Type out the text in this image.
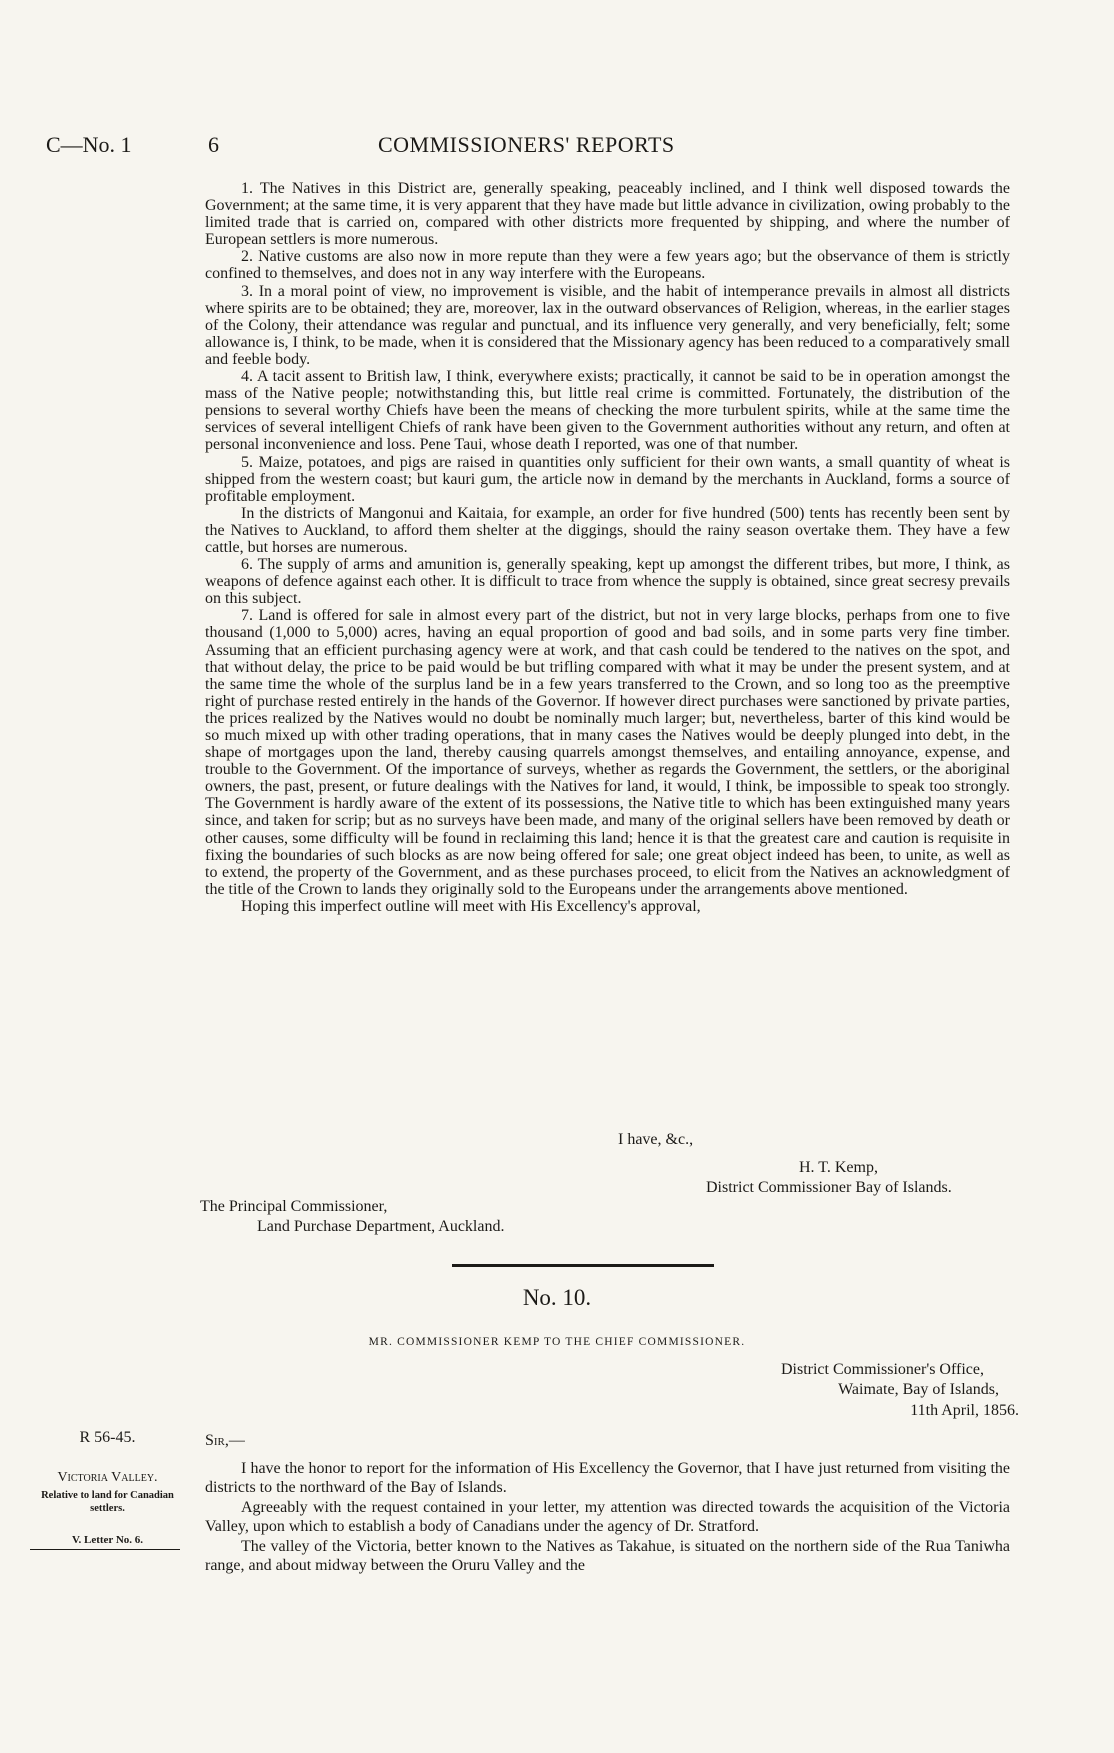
C—No. 1	6	COMMISSIONERS' REPORTS

1. The Natives in this District are, generally speaking, peaceably inclined, and I think well disposed towards the Government; at the same time, it is very apparent that they have made but little advance in civilization, owing probably to the limited trade that is carried on, compared with other districts more frequented by shipping, and where the number of European settlers is more numerous.

2. Native customs are also now in more repute than they were a few years ago; but the observance of them is strictly confined to themselves, and does not in any way interfere with the Europeans.

3. In a moral point of view, no improvement is visible, and the habit of intemperance prevails in almost all districts where spirits are to be obtained; they are, moreover, lax in the outward observances of Religion, whereas, in the earlier stages of the Colony, their attendance was regular and punctual, and its influence very generally, and very beneficially, felt; some allowance is, I think, to be made, when it is considered that the Missionary agency has been reduced to a comparatively small and feeble body.

4. A tacit assent to British law, I think, everywhere exists; practically, it cannot be said to be in operation amongst the mass of the Native people; notwithstanding this, but little real crime is committed. Fortunately, the distribution of the pensions to several worthy Chiefs have been the means of checking the more turbulent spirits, while at the same time the services of several intelligent Chiefs of rank have been given to the Government authorities without any return, and often at personal inconvenience and loss. Pene Taui, whose death I reported, was one of that number.

5. Maize, potatoes, and pigs are raised in quantities only sufficient for their own wants, a small quantity of wheat is shipped from the western coast; but kauri gum, the article now in demand by the merchants in Auckland, forms a source of profitable employment.

In the districts of Mangonui and Kaitaia, for example, an order for five hundred (500) tents has recently been sent by the Natives to Auckland, to afford them shelter at the diggings, should the rainy season overtake them. They have a few cattle, but horses are numerous.

6. The supply of arms and amunition is, generally speaking, kept up amongst the different tribes, but more, I think, as weapons of defence against each other. It is difficult to trace from whence the supply is obtained, since great secresy prevails on this subject.

7. Land is offered for sale in almost every part of the district, but not in very large blocks, perhaps from one to five thousand (1,000 to 5,000) acres, having an equal proportion of good and bad soils, and in some parts very fine timber. Assuming that an efficient purchasing agency were at work, and that cash could be tendered to the natives on the spot, and that without delay, the price to be paid would be but trifling compared with what it may be under the present system, and at the same time the whole of the surplus land be in a few years transferred to the Crown, and so long too as the preemptive right of purchase rested entirely in the hands of the Governor. If however direct purchases were sanctioned by private parties, the prices realized by the Natives would no doubt be nominally much larger; but, nevertheless, barter of this kind would be so much mixed up with other trading operations, that in many cases the Natives would be deeply plunged into debt, in the shape of mortgages upon the land, thereby causing quarrels amongst themselves, and entailing annoyance, expense, and trouble to the Government. Of the importance of surveys, whether as regards the Government, the settlers, or the aboriginal owners, the past, present, or future dealings with the Natives for land, it would, I think, be impossible to speak too strongly. The Government is hardly aware of the extent of its possessions, the Native title to which has been extinguished many years since, and taken for scrip; but as no surveys have been made, and many of the original sellers have been removed by death or other causes, some difficulty will be found in reclaiming this land; hence it is that the greatest care and caution is requisite in fixing the boundaries of such blocks as are now being offered for sale; one great object indeed has been, to unite, as well as to extend, the property of the Government, and as these purchases proceed, to elicit from the Natives an acknowledgment of the title of the Crown to lands they originally sold to the Europeans under the arrangements above mentioned.

Hoping this imperfect outline will meet with His Excellency's approval,

I have, &c.,
H. T. Kemp,
District Commissioner Bay of Islands.
The Principal Commissioner,
Land Purchase Department, Auckland.
No. 10.
MR. COMMISSIONER KEMP TO THE CHIEF COMMISSIONER.
District Commissioner's Office,
Waimate, Bay of Islands,
11th April, 1856.
R 56-45.
Victoria Valley.
Relative to land for Canadian settlers.
V. Letter No. 6.
Sir,—

I have the honor to report for the information of His Excellency the Governor, that I have just returned from visiting the districts to the northward of the Bay of Islands.

Agreeably with the request contained in your letter, my attention was directed towards the acquisition of the Victoria Valley, upon which to establish a body of Canadians under the agency of Dr. Stratford.

The valley of the Victoria, better known to the Natives as Takahue, is situated on the northern side of the Rua Taniwha range, and about midway between the Oruru Valley and the
